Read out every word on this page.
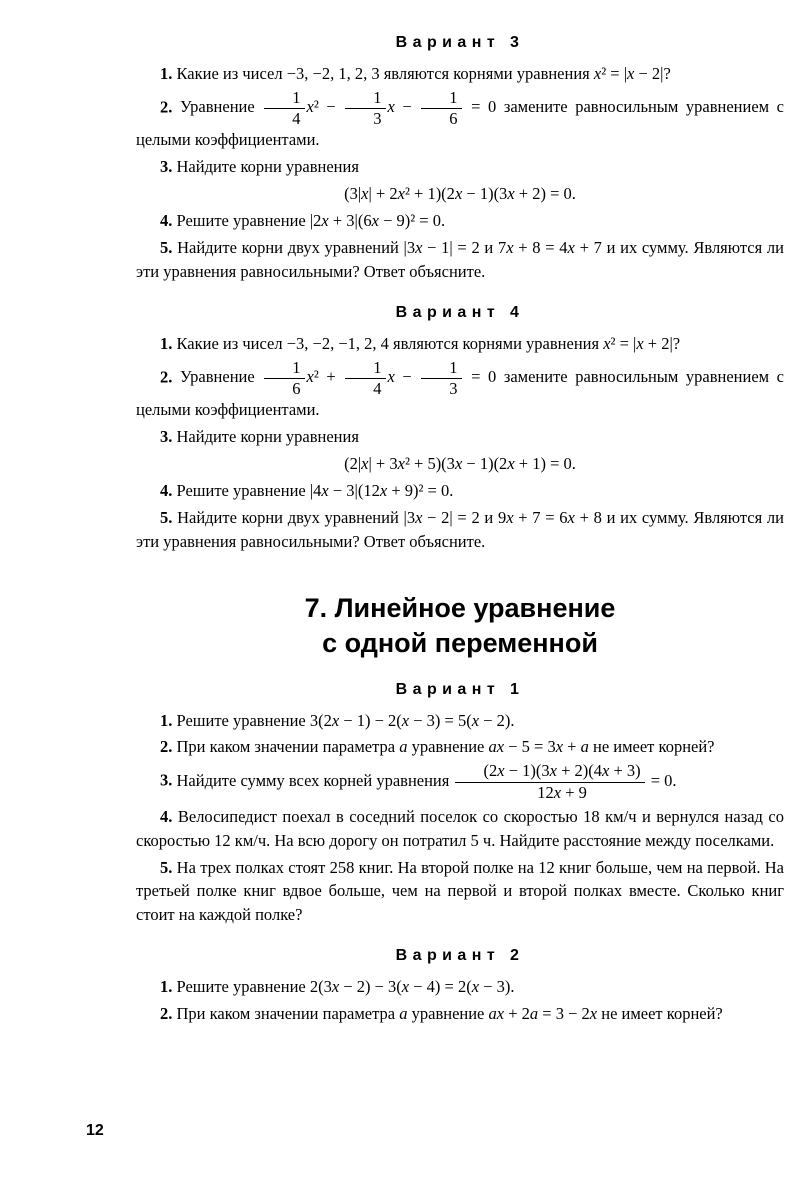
Вариант 3

1. Какие из чисел −3, −2, 1, 2, 3 являются корнями уравнения x² = |x − 2|?

2. Уравнение $\frac{1}{4} x^2 - \frac{1}{3}$ $x - \frac{1}{6} = 0$ замените равносильным уравнением с целыми коэффициентами.

3. Найдите корни уравнения

(3|x| + 2x² + 1)(2x − 1)(3x + 2) = 0.

4. Решите уравнение |2x + 3|(6x − 9)² = 0.

5. Найдите корни двух уравнений |3x − 1| = 2 и 7x + 8 = 4x + 7 и их сумму. Являются ли эти уравнения равносильными? Ответ объясните.

Вариант 4

1. Какие из чисел −3, −2, −1, 2, 4 являются корнями уравнения x² = |x + 2|?

2. Уравнение $\frac{1}{6} x^2 + \frac{1}{4}$ $x - \frac{1}{3} = 0$ замените равносильным уравнением с целыми коэффициентами.

3. Найдите корни уравнения

(2|x| + 3x² + 5)(3x − 1)(2x + 1) = 0.

4. Решите уравнение |4x − 3|(12x + 9)² = 0.

5. Найдите корни двух уравнений |3x − 2| = 2 и 9x + 7 = 6x + 8 и их сумму. Являются ли эти уравнения равносильными? Ответ объясните.

7. Линейное уравнение
с одной переменной
Вариант 1

1. Решите уравнение 3(2x − 1) − 2(x − 3) = 5(x − 2).

2. При каком значении параметра a уравнение ax − 5 = 3x + a не имеет корней?

3. Найдите сумму всех корней уравнения $\frac{(2x - 1)(3x + 2)(4x + 3)}{12x + 9} = 0$.

4. Велосипедист поехал в соседний поселок со скоростью 18 км/ч и вернулся назад со скоростью 12 км/ч. На всю дорогу он потратил 5 ч. Найдите расстояние между поселками.

5. На трех полках стоят 258 книг. На второй полке на 12 книг больше, чем на первой. На третьей полке книг вдвое больше, чем на первой и второй полках вместе. Сколько книг стоит на каждой полке?

Вариант 2

1. Решите уравнение 2(3x − 2) − 3(x − 4) = 2(x − 3).

2. При каком значении параметра a уравнение ax + 2a = 3 − 2x не имеет корней?

12
